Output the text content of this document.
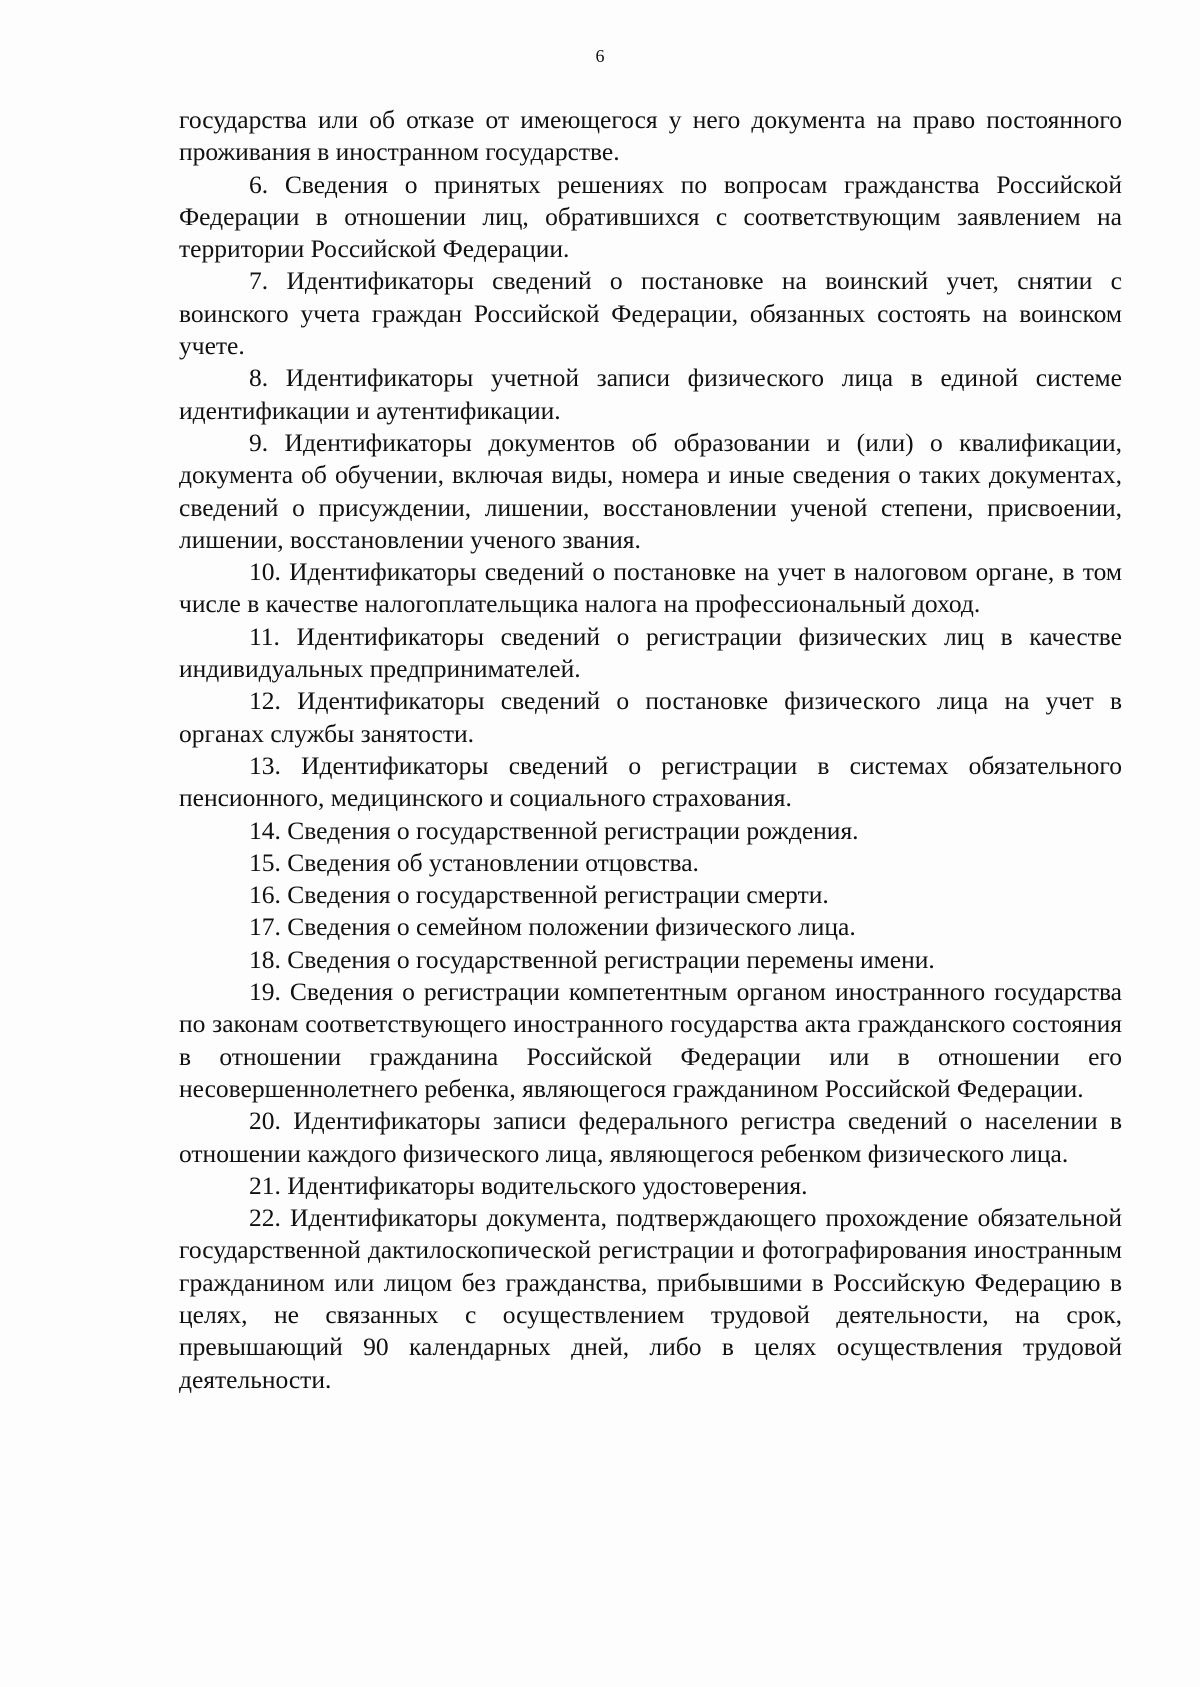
6

государства или об отказе от имеющегося у него документа на право постоянного проживания в иностранном государстве.

6. Сведения о принятых решениях по вопросам гражданства Российской Федерации в отношении лиц, обратившихся с соответствующим заявлением на территории Российской Федерации.

7. Идентификаторы сведений о постановке на воинский учет, снятии с воинского учета граждан Российской Федерации, обязанных состоять на воинском учете.

8. Идентификаторы учетной записи физического лица в единой системе идентификации и аутентификации.

9. Идентификаторы документов об образовании и (или) о квалификации, документа об обучении, включая виды, номера и иные сведения о таких документах, сведений о присуждении, лишении, восстановлении ученой степени, присвоении, лишении, восстановлении ученого звания.

10. Идентификаторы сведений о постановке на учет в налоговом органе, в том числе в качестве налогоплательщика налога на профессиональный доход.

11. Идентификаторы сведений о регистрации физических лиц в качестве индивидуальных предпринимателей.

12. Идентификаторы сведений о постановке физического лица на учет в органах службы занятости.

13. Идентификаторы сведений о регистрации в системах обязательного пенсионного, медицинского и социального страхования.

14. Сведения о государственной регистрации рождения.

15. Сведения об установлении отцовства.

16. Сведения о государственной регистрации смерти.

17. Сведения о семейном положении физического лица.

18. Сведения о государственной регистрации перемены имени.

19. Сведения о регистрации компетентным органом иностранного государства по законам соответствующего иностранного государства акта гражданского состояния в отношении гражданина Российской Федерации или в отношении его несовершеннолетнего ребенка, являющегося гражданином Российской Федерации.

20. Идентификаторы записи федерального регистра сведений о населении в отношении каждого физического лица, являющегося ребенком физического лица.

21. Идентификаторы водительского удостоверения.

22. Идентификаторы документа, подтверждающего прохождение обязательной государственной дактилоскопической регистрации и фотографирования иностранным гражданином или лицом без гражданства, прибывшими в Российскую Федерацию в целях, не связанных с осуществлением трудовой деятельности, на срок, превышающий 90 календарных дней, либо в целях осуществления трудовой деятельности.
